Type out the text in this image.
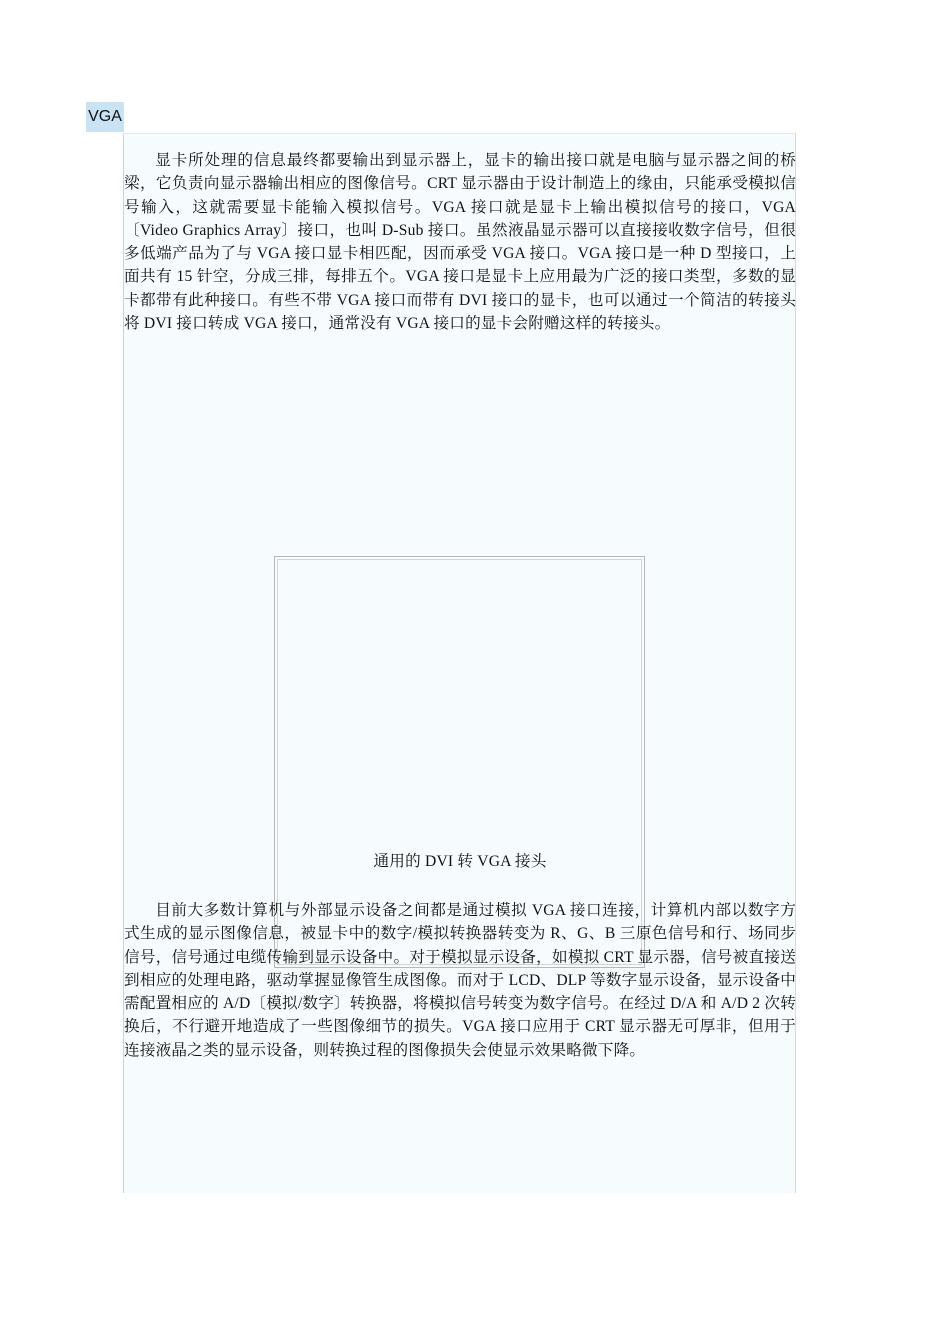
VGA

显卡所处理的信息最终都要输出到显示器上，显卡的输出接口就是电脑与显示器之间的桥梁，它负责向显示器输出相应的图像信号。CRT 显示器由于设计制造上的缘由，只能承受模拟信号输入，这就需要显卡能输入模拟信号。VGA 接口就是显卡上输出模拟信号的接口，VGA〔Video Graphics Array〕接口，也叫 D-Sub 接口。虽然液晶显示器可以直接接收数字信号，但很多低端产品为了与 VGA 接口显卡相匹配，因而承受 VGA 接口。VGA 接口是一种 D 型接口，上面共有 15 针空，分成三排，每排五个。VGA 接口是显卡上应用最为广泛的接口类型，多数的显卡都带有此种接口。有些不带 VGA 接口而带有 DVI 接口的显卡，也可以通过一个简洁的转接头将 DVI 接口转成 VGA 接口，通常没有 VGA 接口的显卡会附赠这样的转接头。

通用的 DVI 转 VGA 接头

目前大多数计算机与外部显示设备之间都是通过模拟 VGA 接口连接，计算机内部以数字方式生成的显示图像信息，被显卡中的数字/模拟转换器转变为 R、G、B 三原色信号和行、场同步信号，信号通过电缆传输到显示设备中。对于模拟显示设备，如模拟 CRT 显示器，信号被直接送到相应的处理电路，驱动掌握显像管生成图像。而对于 LCD、DLP 等数字显示设备，显示设备中需配置相应的 A/D〔模拟/数字〕转换器，将模拟信号转变为数字信号。在经过 D/A 和 A/D 2 次转换后，不行避开地造成了一些图像细节的损失。VGA 接口应用于 CRT 显示器无可厚非，但用于连接液晶之类的显示设备，则转换过程的图像损失会使显示效果略微下降。
